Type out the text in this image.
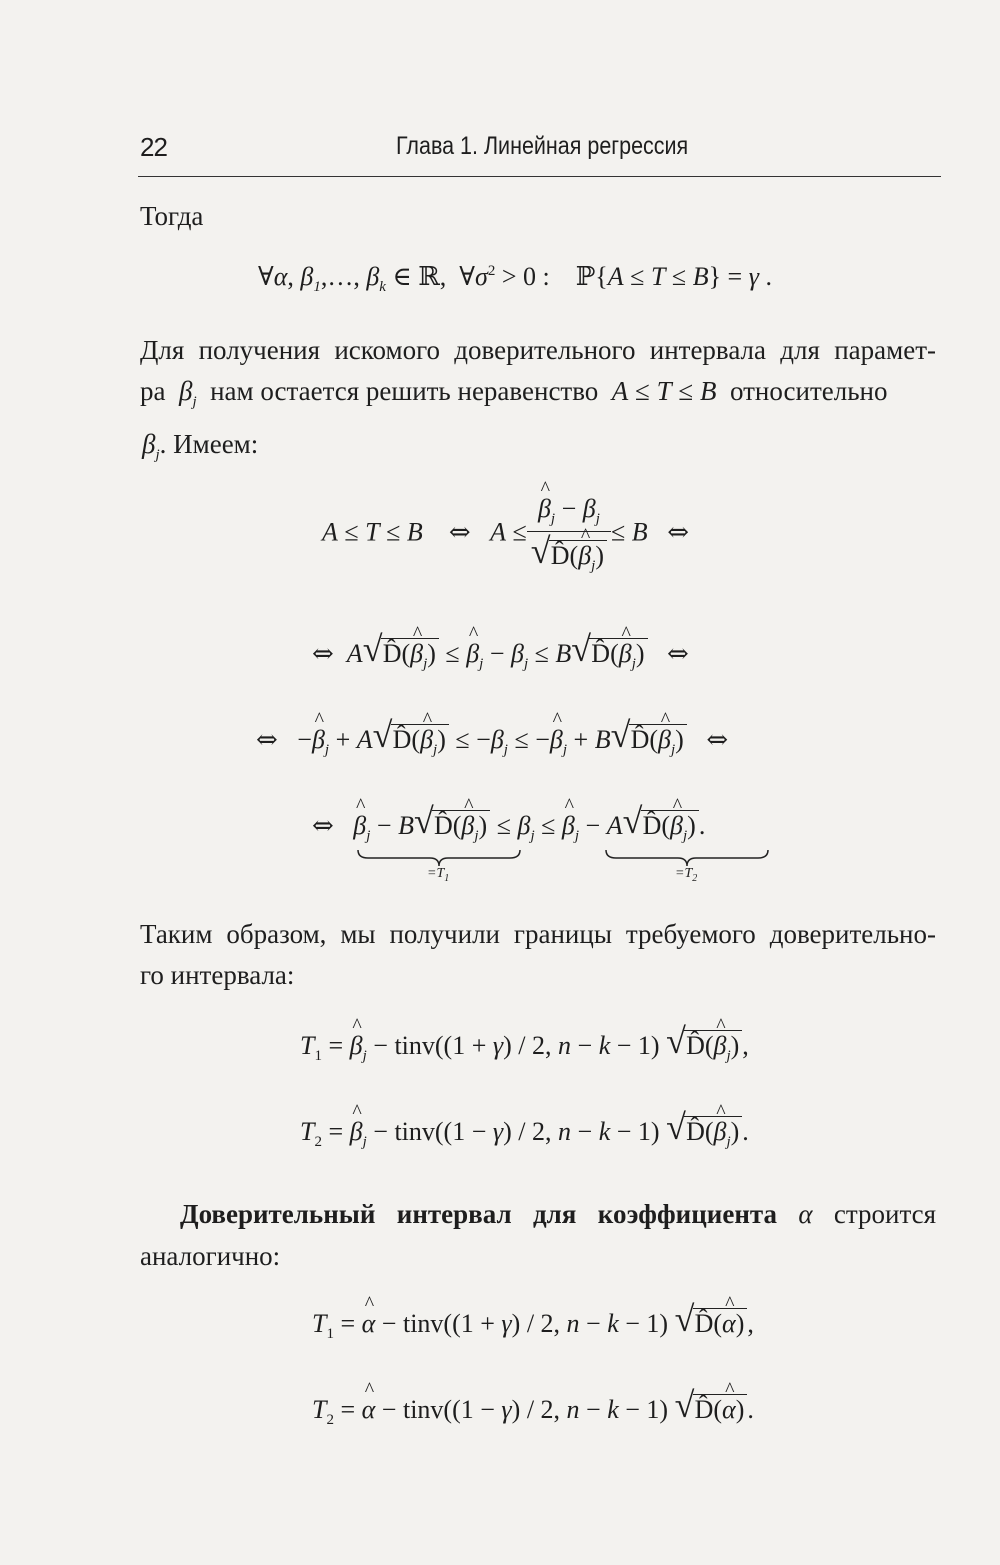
22	Глава 1. Линейная регрессия
Тогда
∀α, $\beta_1,\dots$, $\beta_k$ ∈ ℝ,  $\forall\sigma^2 > 0$ :    ℙ{A ≤ T ≤ B} = γ .
Для получения искомого доверительного интервала для парамет-
ра $\beta_j$ нам остается решить неравенство A ≤ T ≤ B относительно
$\beta_j$. Имеем:
A ≤ T ≤ B ⇔ A ≤ ^ $\frac{\beta_j - \beta_j}{√ D̂(\^{} \beta_j)} \le B$ ⇔
⇔ A √ D̂(^ $\beta_j$) ≤ ^ $\beta_j - \beta_j \le B$ √ D̂(^ $\beta_j$) ⇔
⇔   −^ $\beta_j + A$ √ D̂(^ $\beta_j) \le -\beta_j$ ≤ −^ $\beta_j + B$ √ D̂(^ $\beta_j$) ⇔
⇔ ^ $\beta_j - B$ √ D̂(^ $\beta_j) \le \beta_j$ ≤ ^ $\beta_j - A$ √ D̂(^ $\beta_j$) .
$=T_1$	$=T_2$
Таким образом, мы получили границы требуемого доверительно-
го интервала:
$T_1$ = ^ $\beta_j$ − tinv((1 + γ) / 2, n − k − 1) √ D̂(^ $\beta_j$) ,
$T_2$ = ^ $\beta_j$ − tinv((1 − γ) / 2, n − k − 1) √ D̂(^ $\beta_j$) .
Доверительный интервал для коэффициента α строится
аналогично:
$T_1$ = ^ α − tinv((1 + γ) / 2, n − k − 1) √ D̂(^ α) ,
$T_2$ = ^ α − tinv((1 − γ) / 2, n − k − 1) √ D̂(^ α) .
